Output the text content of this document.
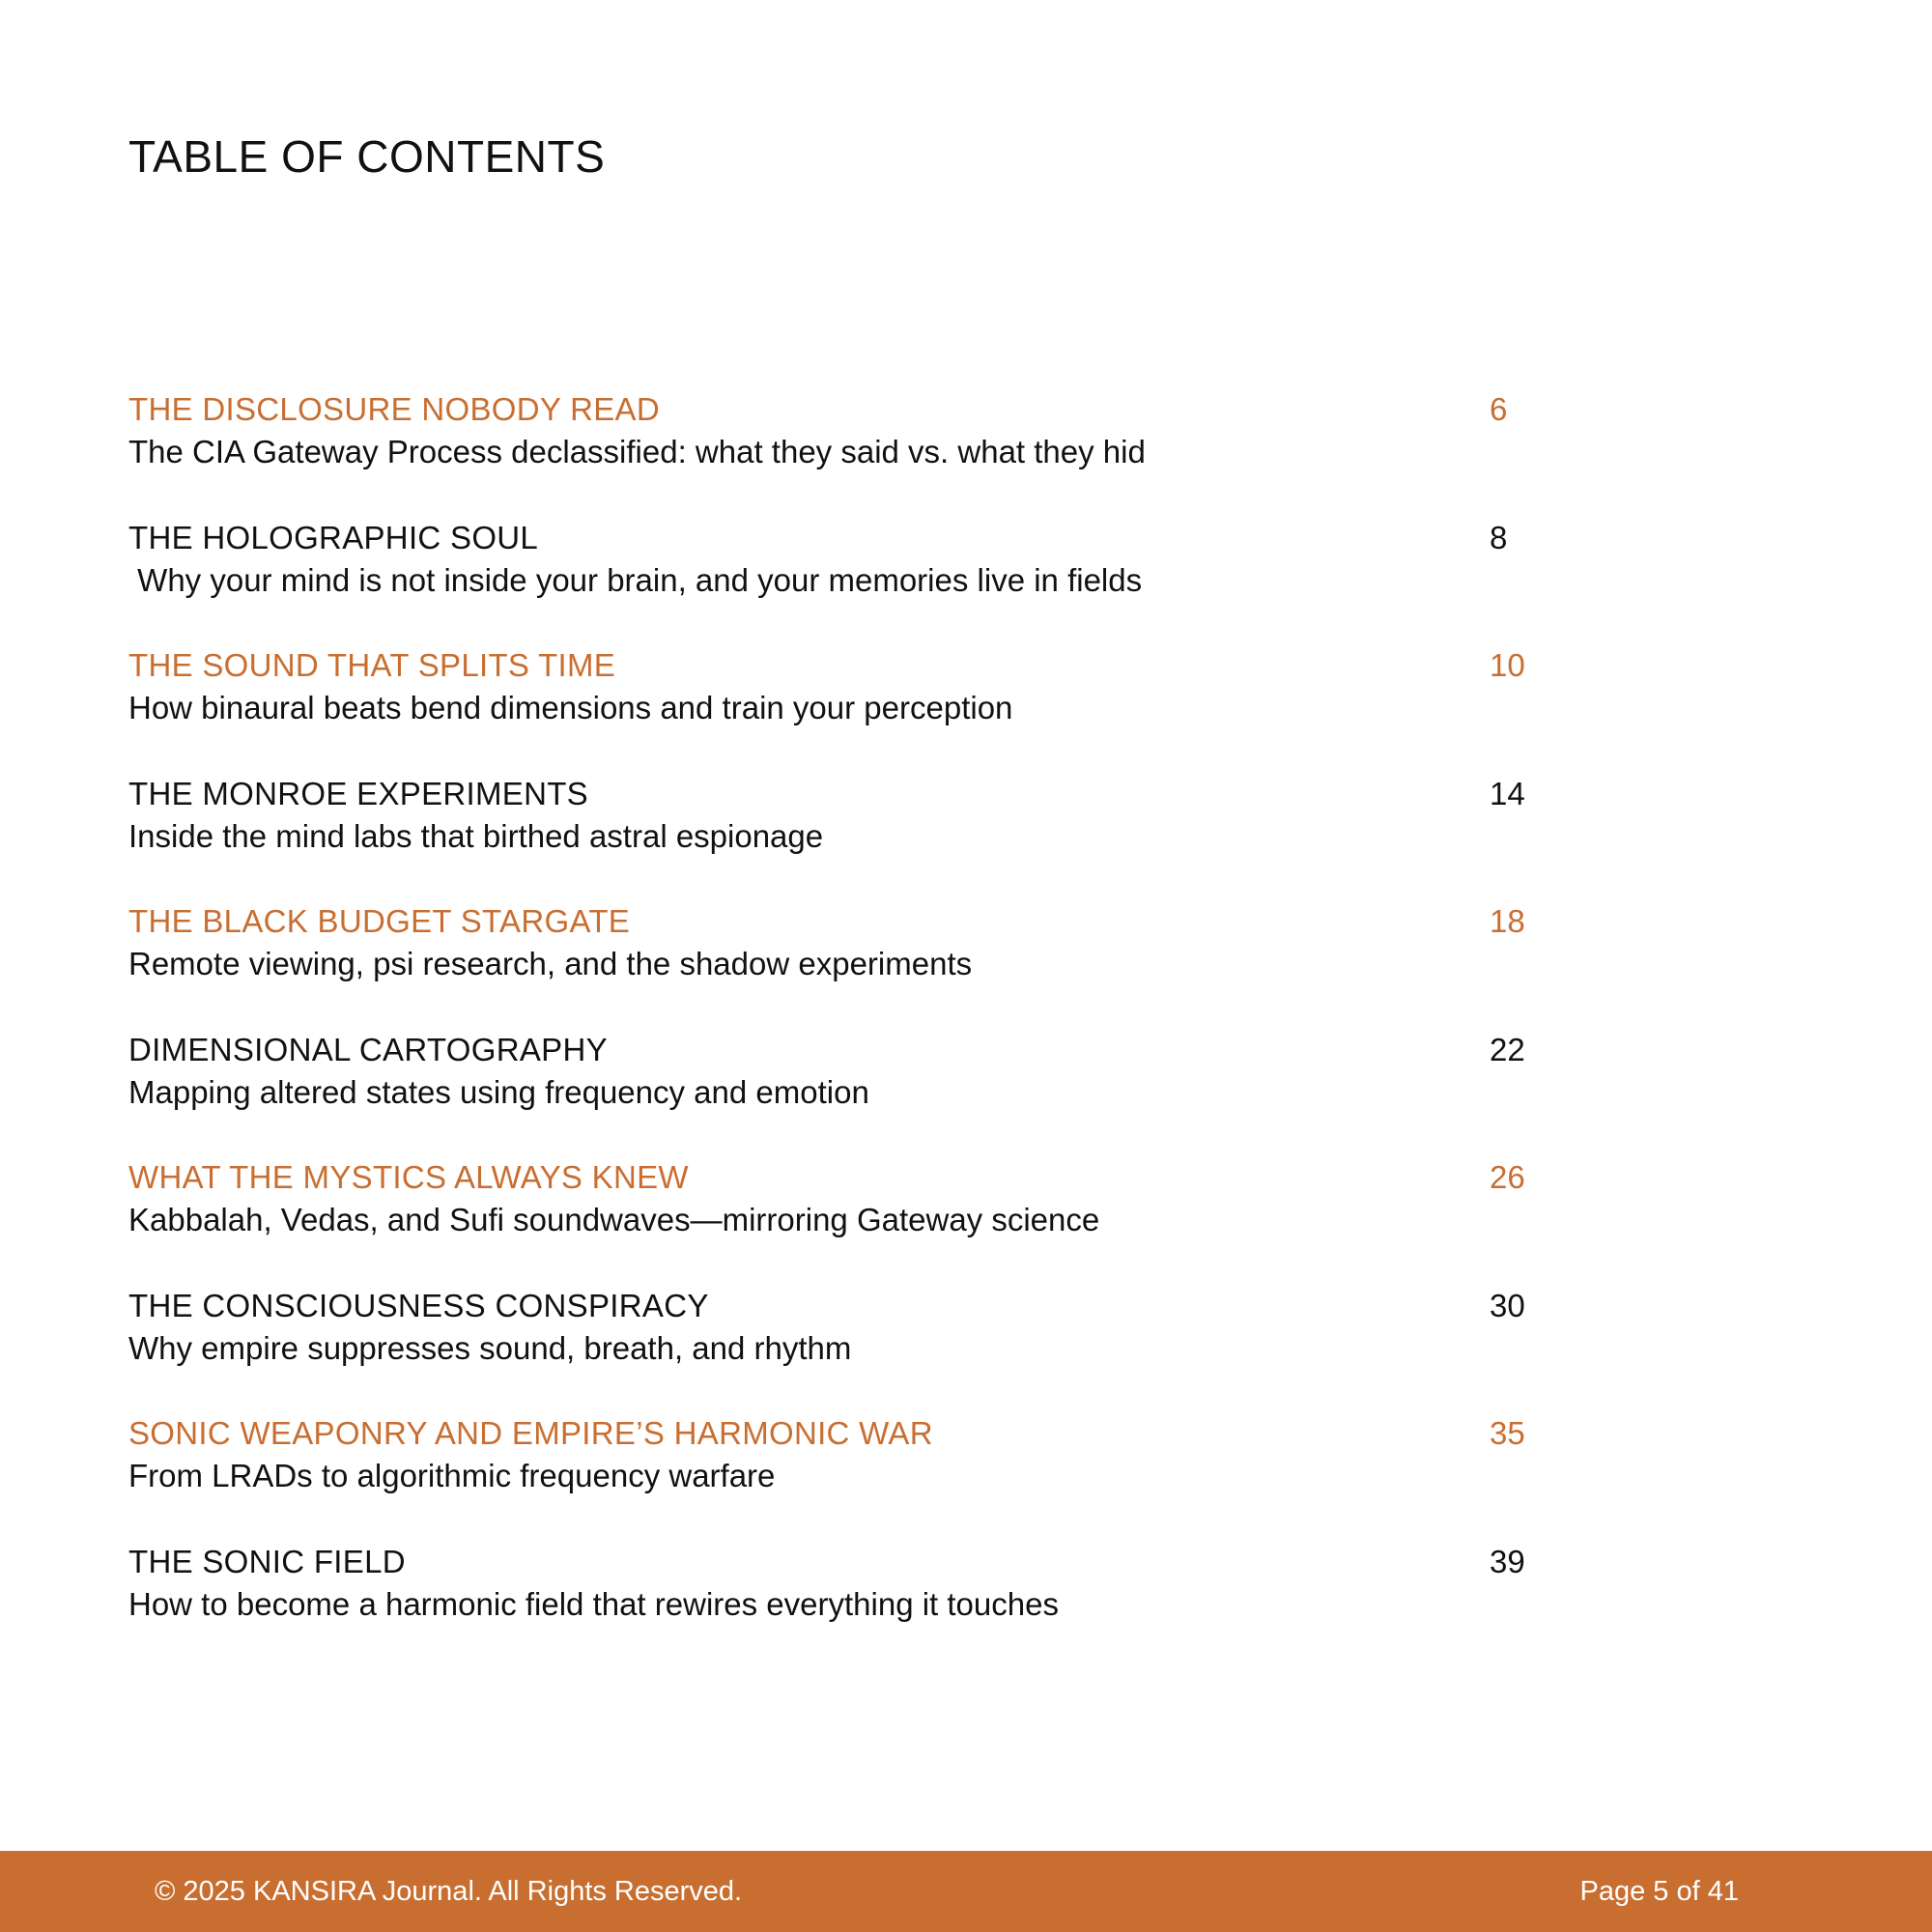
TABLE OF CONTENTS
THE DISCLOSURE NOBODY READ
The CIA Gateway Process declassified: what they said vs. what they hid
6
THE HOLOGRAPHIC SOUL
Why your mind is not inside your brain, and your memories live in fields
8
THE SOUND THAT SPLITS TIME
How binaural beats bend dimensions and train your perception
10
THE MONROE EXPERIMENTS
Inside the mind labs that birthed astral espionage
14
THE BLACK BUDGET STARGATE
Remote viewing, psi research, and the shadow experiments
18
DIMENSIONAL CARTOGRAPHY
Mapping altered states using frequency and emotion
22
WHAT THE MYSTICS ALWAYS KNEW
Kabbalah, Vedas, and Sufi soundwaves—mirroring Gateway science
26
THE CONSCIOUSNESS CONSPIRACY
Why empire suppresses sound, breath, and rhythm
30
SONIC WEAPONRY AND EMPIRE’S HARMONIC WAR
From LRADs to algorithmic frequency warfare
35
THE SONIC FIELD
How to become a harmonic field that rewires everything it touches
39
© 2025 KANSIRA Journal. All Rights Reserved.	Page 5 of 41
